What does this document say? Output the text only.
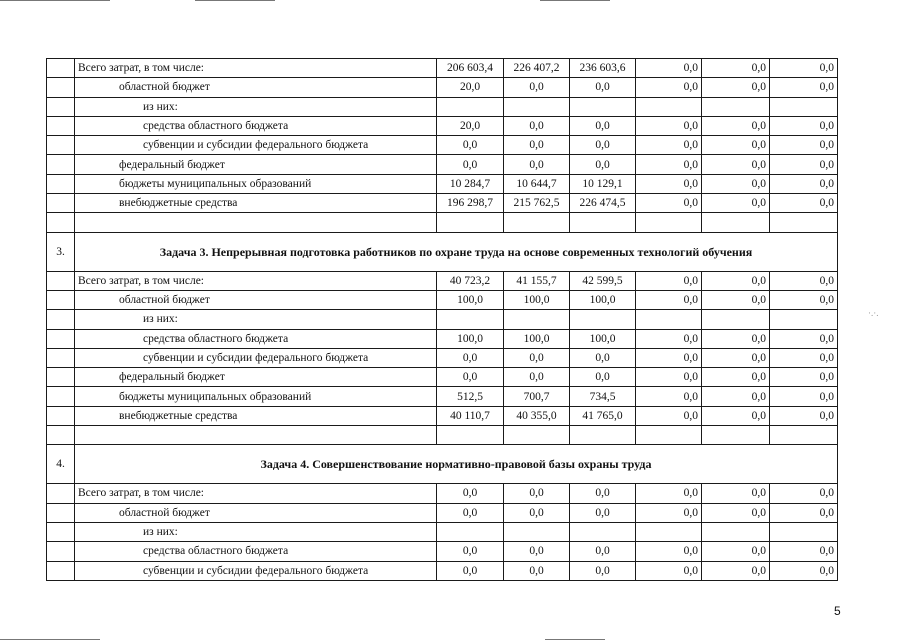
·.·.
	Всего затрат, в том числе:	206 603,4	226 407,2	236 603,6	0,0	0,0	0,0
	областной бюджет	20,0	0,0	0,0	0,0	0,0	0,0
	из них:						
	средства областного бюджета	20,0	0,0	0,0	0,0	0,0	0,0
	субвенции и субсидии федерального бюджета	0,0	0,0	0,0	0,0	0,0	0,0
	федеральный бюджет	0,0	0,0	0,0	0,0	0,0	0,0
	бюджеты муниципальных образований	10 284,7	10 644,7	10 129,1	0,0	0,0	0,0
	внебюджетные средства	196 298,7	215 762,5	226 474,5	0,0	0,0	0,0

3.	Задача 3. Непрерывная подготовка работников по охране труда на основе современных технологий обучения						
	Всего затрат, в том числе:	40 723,2	41 155,7	42 599,5	0,0	0,0	0,0
	областной бюджет	100,0	100,0	100,0	0,0	0,0	0,0
	из них:						
	средства областного бюджета	100,0	100,0	100,0	0,0	0,0	0,0
	субвенции и субсидии федерального бюджета	0,0	0,0	0,0	0,0	0,0	0,0
	федеральный бюджет	0,0	0,0	0,0	0,0	0,0	0,0
	бюджеты муниципальных образований	512,5	700,7	734,5	0,0	0,0	0,0
	внебюджетные средства	40 110,7	40 355,0	41 765,0	0,0	0,0	0,0

4.	Задача 4. Совершенствование нормативно-правовой базы охраны труда						
	Всего затрат, в том числе:	0,0	0,0	0,0	0,0	0,0	0,0
	областной бюджет	0,0	0,0	0,0	0,0	0,0	0,0
	из них:						
	средства областного бюджета	0,0	0,0	0,0	0,0	0,0	0,0
	субвенции и субсидии федерального бюджета	0,0	0,0	0,0	0,0	0,0	0,0
5
